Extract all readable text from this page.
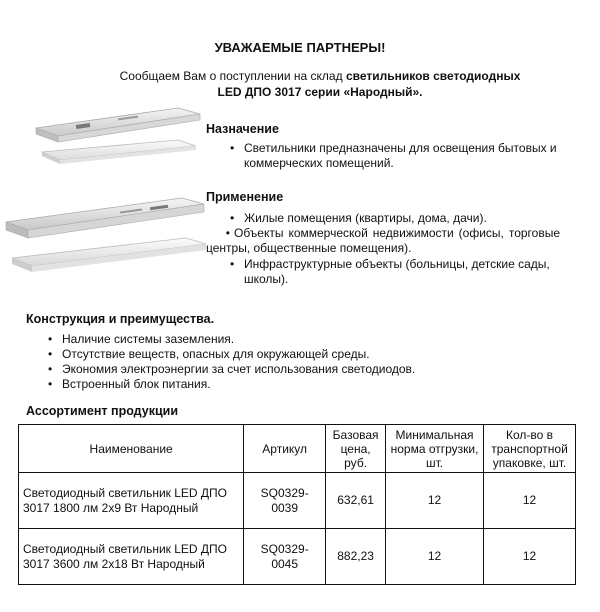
УВАЖАЕМЫЕ ПАРТНЕРЫ!
Сообщаем Вам о поступлении на склад светильников светодиодных
LED ДПО 3017 серии «Народный».
Назначение
• Светильники предназначены для освещения бытовых и коммерческих помещений.
Применение
• Жилые помещения (квартиры, дома, дачи).
• Объекты коммерческой недвижимости (офисы, торговые центры, общественные помещения).
• Инфраструктурные объекты (больницы, детские сады, школы).
Конструкция и преимущества.
• Наличие системы заземления.
• Отсутствие веществ, опасных для окружающей среды.
• Экономия электроэнергии за счет использования светодиодов.
• Встроенный блок питания.
Ассортимент продукции
Наименование	Артикул	Базовая цена, руб.	Минимальная норма отгрузки, шт.	Кол-во в транспортной упаковке, шт.
Светодиодный светильник LED ДПО 3017 1800 лм 2х9 Вт Народный	SQ0329-0039	632,61	12	12
Светодиодный светильник LED ДПО 3017 3600 лм 2х18 Вт Народный	SQ0329-0045	882,23	12	12
